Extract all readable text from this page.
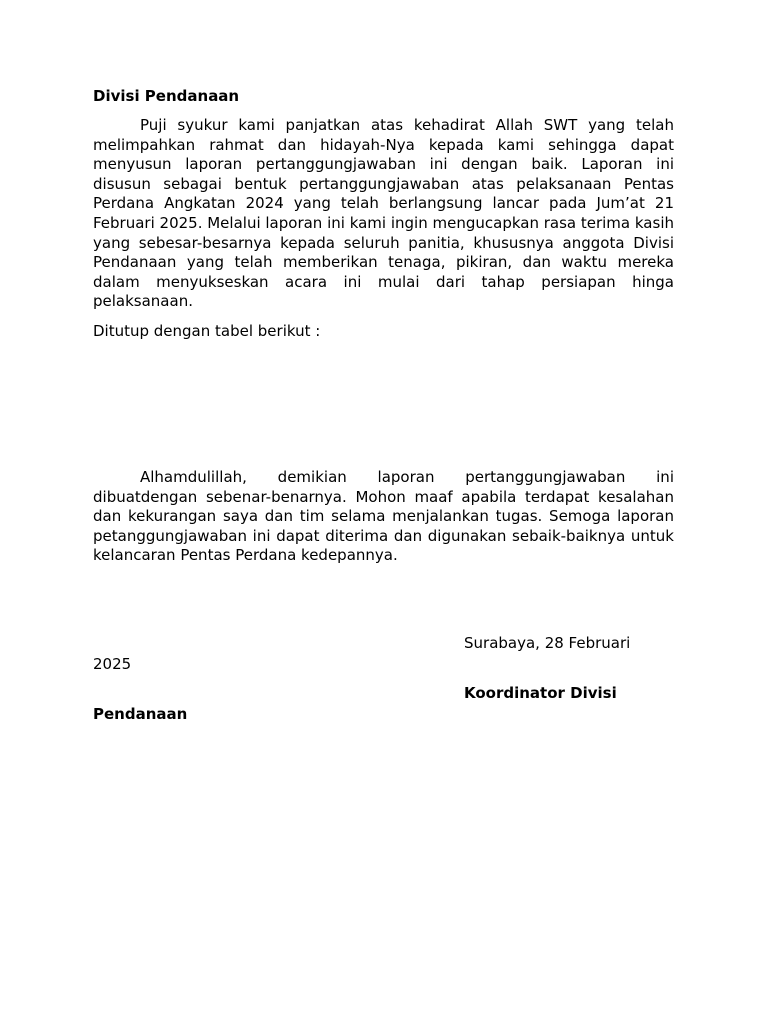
Divisi Pendanaan

Puji syukur kami panjatkan atas kehadirat Allah SWT yang telah melimpahkan rahmat dan hidayah-Nya kepada kami sehingga dapat menyusun laporan pertanggungjawaban ini dengan baik. Laporan ini disusun sebagai bentuk pertanggungjawaban atas pelaksanaan Pentas Perdana Angkatan 2024 yang telah berlangsung lancar pada Jum’at 21 Februari 2025. Melalui laporan ini kami ingin mengucapkan rasa terima kasih yang sebesar-besarnya kepada seluruh panitia, khususnya anggota Divisi Pendanaan yang telah memberikan tenaga, pikiran, dan waktu mereka dalam menyukseskan acara ini mulai dari tahap persiapan hinga pelaksanaan.

Ditutup dengan tabel berikut :

Alhamdulillah, demikian laporan pertanggungjawaban ini dibuatdengan sebenar-benarnya. Mohon maaf apabila terdapat kesalahan dan kekurangan saya dan tim selama menjalankan tugas. Semoga laporan petanggungjawaban ini dapat diterima dan digunakan sebaik-baiknya untuk kelancaran Pentas Perdana kedepannya.

Surabaya, 28 Februari 2025
Koordinator Divisi Pendanaan
